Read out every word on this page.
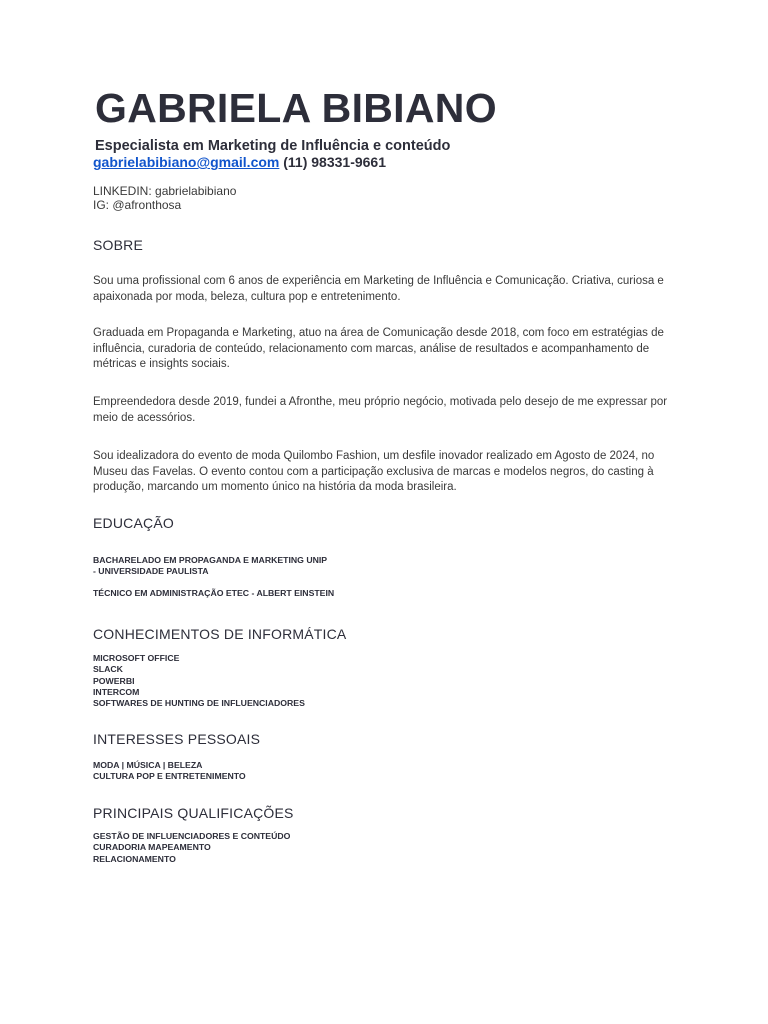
GABRIELA BIBIANO
Especialista em Marketing de Influência e conteúdo
gabrielabibiano@gmail.com (11) 98331-9661
LINKEDIN: gabrielabibiano
IG: @afronthosa
SOBRE
Sou uma profissional com 6 anos de experiência em Marketing de Influência e Comunicação. Criativa, curiosa e apaixonada por moda, beleza, cultura pop e entretenimento.
Graduada em Propaganda e Marketing, atuo na área de Comunicação desde 2018, com foco em estratégias de influência, curadoria de conteúdo, relacionamento com marcas, análise de resultados e acompanhamento de métricas e insights sociais.
Empreendedora desde 2019, fundei a Afronthe, meu próprio negócio, motivada pelo desejo de me expressar por meio de acessórios.
Sou idealizadora do evento de moda Quilombo Fashion, um desfile inovador realizado em Agosto de 2024, no Museu das Favelas. O evento contou com a participação exclusiva de marcas e modelos negros, do casting à produção, marcando um momento único na história da moda brasileira.
EDUCAÇÃO
BACHARELADO EM PROPAGANDA E MARKETING UNIP
- UNIVERSIDADE PAULISTA
TÉCNICO EM ADMINISTRAÇÃO ETEC - ALBERT EINSTEIN
CONHECIMENTOS DE INFORMÁTICA
MICROSOFT OFFICE
SLACK
POWERBI
INTERCOM
SOFTWARES DE HUNTING DE INFLUENCIADORES
INTERESSES PESSOAIS
MODA | MÚSICA | BELEZA
CULTURA POP E ENTRETENIMENTO
PRINCIPAIS QUALIFICAÇÕES
GESTÃO DE INFLUENCIADORES E CONTEÚDO
CURADORIA MAPEAMENTO
RELACIONAMENTO
